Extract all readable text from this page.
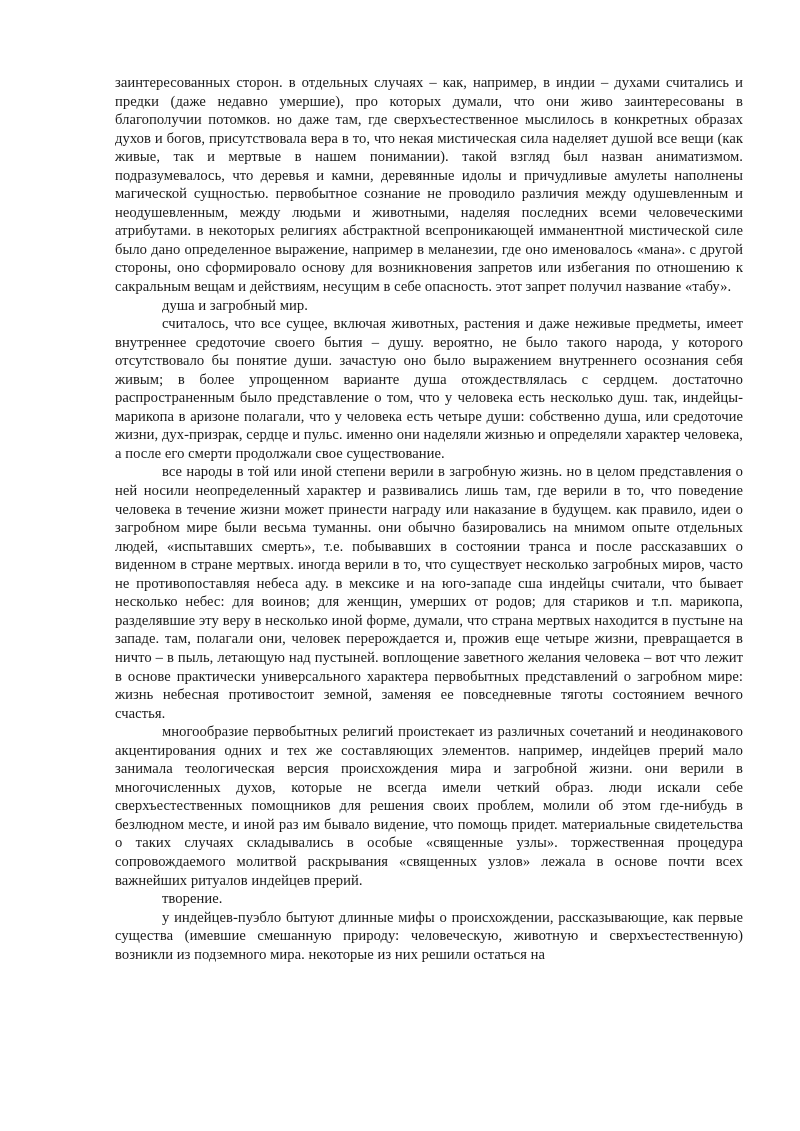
заинтересованных сторон. в отдельных случаях – как, например, в индии – духами считались и предки (даже недавно умершие), про которых думали, что они живо заинтересованы в благополучии потомков. но даже там, где сверхъестественное мыслилось в конкретных образах духов и богов, присутствовала вера в то, что некая мистическая сила наделяет душой все вещи (как живые, так и мертвые в нашем понимании). такой взгляд был назван аниматизмом. подразумевалось, что деревья и камни, деревянные идолы и причудливые амулеты наполнены магической сущностью. первобытное сознание не проводило различия между одушевленным и неодушевленным, между людьми и животными, наделяя последних всеми человеческими атрибутами. в некоторых религиях абстрактной всепроникающей имманентной мистической силе было дано определенное выражение, например в меланезии, где оно именовалось «мана». с другой стороны, оно сформировало основу для возникновения запретов или избегания по отношению к сакральным вещам и действиям, несущим в себе опасность. этот запрет получил название «табу».

душа и загробный мир.

считалось, что все сущее, включая животных, растения и даже неживые предметы, имеет внутреннее средоточие своего бытия – душу. вероятно, не было такого народа, у которого отсутствовало бы понятие души. зачастую оно было выражением внутреннего осознания себя живым; в более упрощенном варианте душа отождествлялась с сердцем. достаточно распространенным было представление о том, что у человека есть несколько душ. так, индейцы-марикопа в аризоне полагали, что у человека есть четыре души: собственно душа, или средоточие жизни, дух-призрак, сердце и пульс. именно они наделяли жизнью и определяли характер человека, а после его смерти продолжали свое существование.

все народы в той или иной степени верили в загробную жизнь. но в целом представления о ней носили неопределенный характер и развивались лишь там, где верили в то, что поведение человека в течение жизни может принести награду или наказание в будущем. как правило, идеи о загробном мире были весьма туманны. они обычно базировались на мнимом опыте отдельных людей, «испытавших смерть», т.е. побывавших в состоянии транса и после рассказавших о виденном в стране мертвых. иногда верили в то, что существует несколько загробных миров, часто не противопоставляя небеса аду. в мексике и на юго-западе сша индейцы считали, что бывает несколько небес: для воинов; для женщин, умерших от родов; для стариков и т.п. марикопа, разделявшие эту веру в несколько иной форме, думали, что страна мертвых находится в пустыне на западе. там, полагали они, человек перерождается и, прожив еще четыре жизни, превращается в ничто – в пыль, летающую над пустыней. воплощение заветного желания человека – вот что лежит в основе практически универсального характера первобытных представлений о загробном мире: жизнь небесная противостоит земной, заменяя ее повседневные тяготы состоянием вечного счастья.

многообразие первобытных религий проистекает из различных сочетаний и неодинакового акцентирования одних и тех же составляющих элементов. например, индейцев прерий мало занимала теологическая версия происхождения мира и загробной жизни. они верили в многочисленных духов, которые не всегда имели четкий образ. люди искали себе сверхъестественных помощников для решения своих проблем, молили об этом где-нибудь в безлюдном месте, и иной раз им бывало видение, что помощь придет. материальные свидетельства о таких случаях складывались в особые «священные узлы». торжественная процедура сопровождаемого молитвой раскрывания «священных узлов» лежала в основе почти всех важнейших ритуалов индейцев прерий.

творение.

у индейцев-пуэбло бытуют длинные мифы о происхождении, рассказывающие, как первые существа (имевшие смешанную природу: человеческую, животную и сверхъестественную) возникли из подземного мира. некоторые из них решили остаться на
